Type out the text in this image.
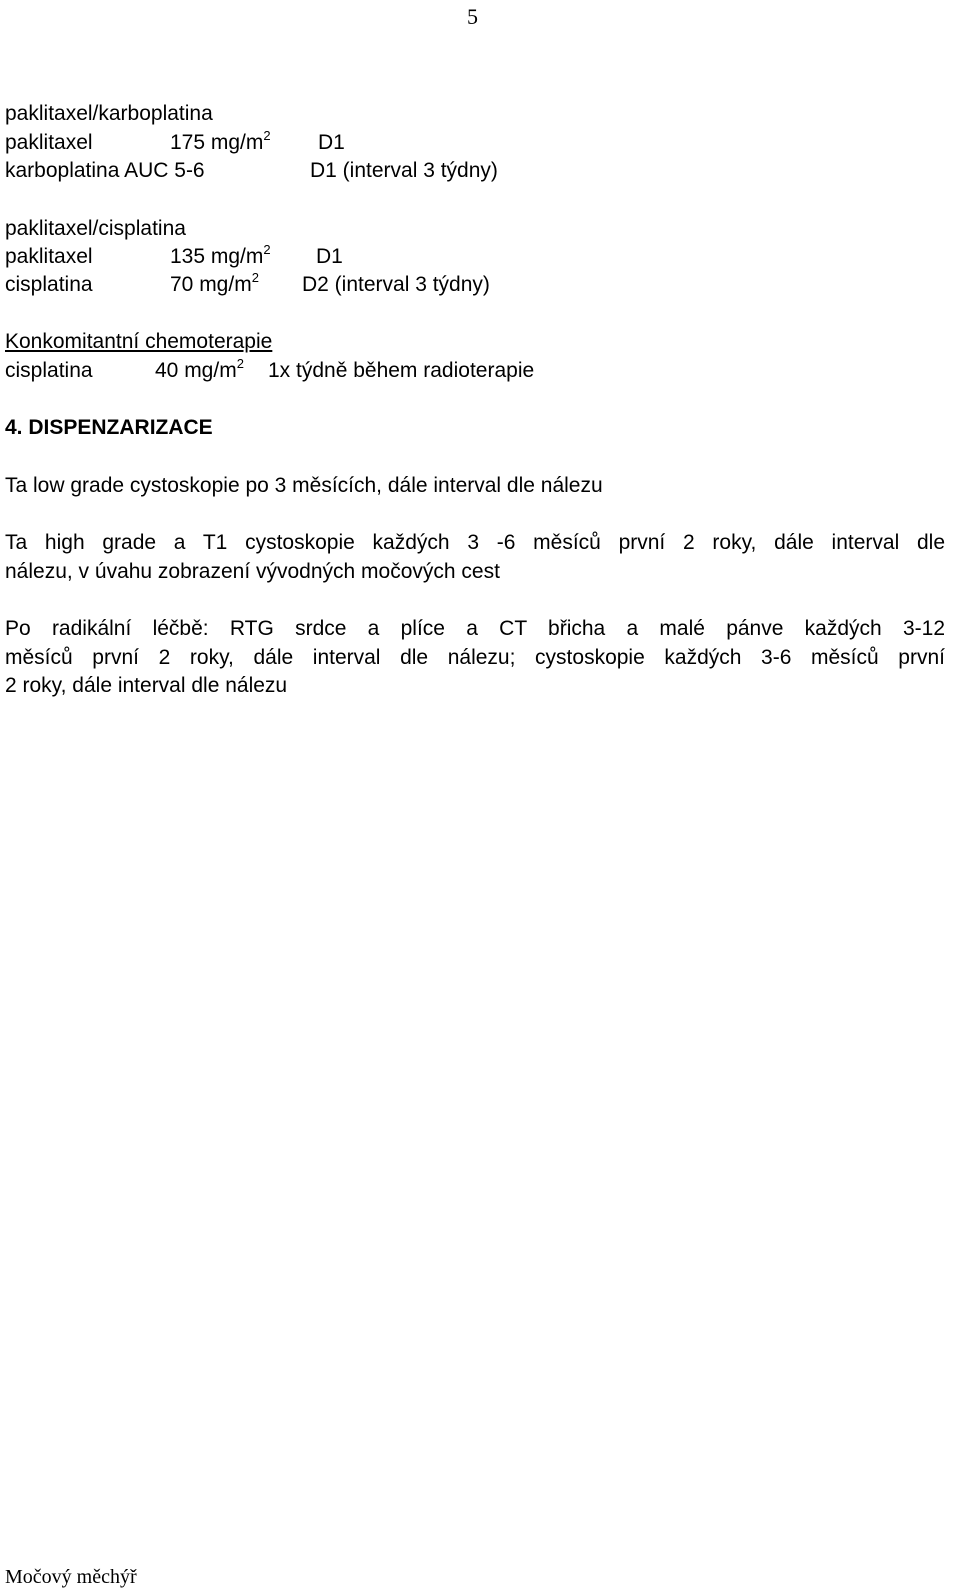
5
paklitaxel/karboplatina
paklitaxel	175 $mg/m^2$ D1
karboplatina AUC 5-6	D1 (interval 3 týdny)
paklitaxel/cisplatina
paklitaxel	135 $mg/m^2$ D1
cisplatina	70 $mg/m^2$ D2 (interval 3 týdny)
Konkomitantní chemoterapie
cisplatina	40 $mg/m^2$ 1x týdně během radioterapie
4. DISPENZARIZACE
Ta low grade cystoskopie po 3 měsících, dále interval dle nálezu
Ta high grade a T1 cystoskopie každých 3 -6 měsíců první 2 roky, dále interval dle
nálezu, v úvahu zobrazení vývodných močových cest
Po radikální léčbě: RTG srdce a plíce a CT břicha a malé pánve každých 3-12
měsíců první 2 roky, dále interval dle nálezu; cystoskopie každých 3-6 měsíců první
2 roky, dále interval dle nálezu
Močový měchýř
